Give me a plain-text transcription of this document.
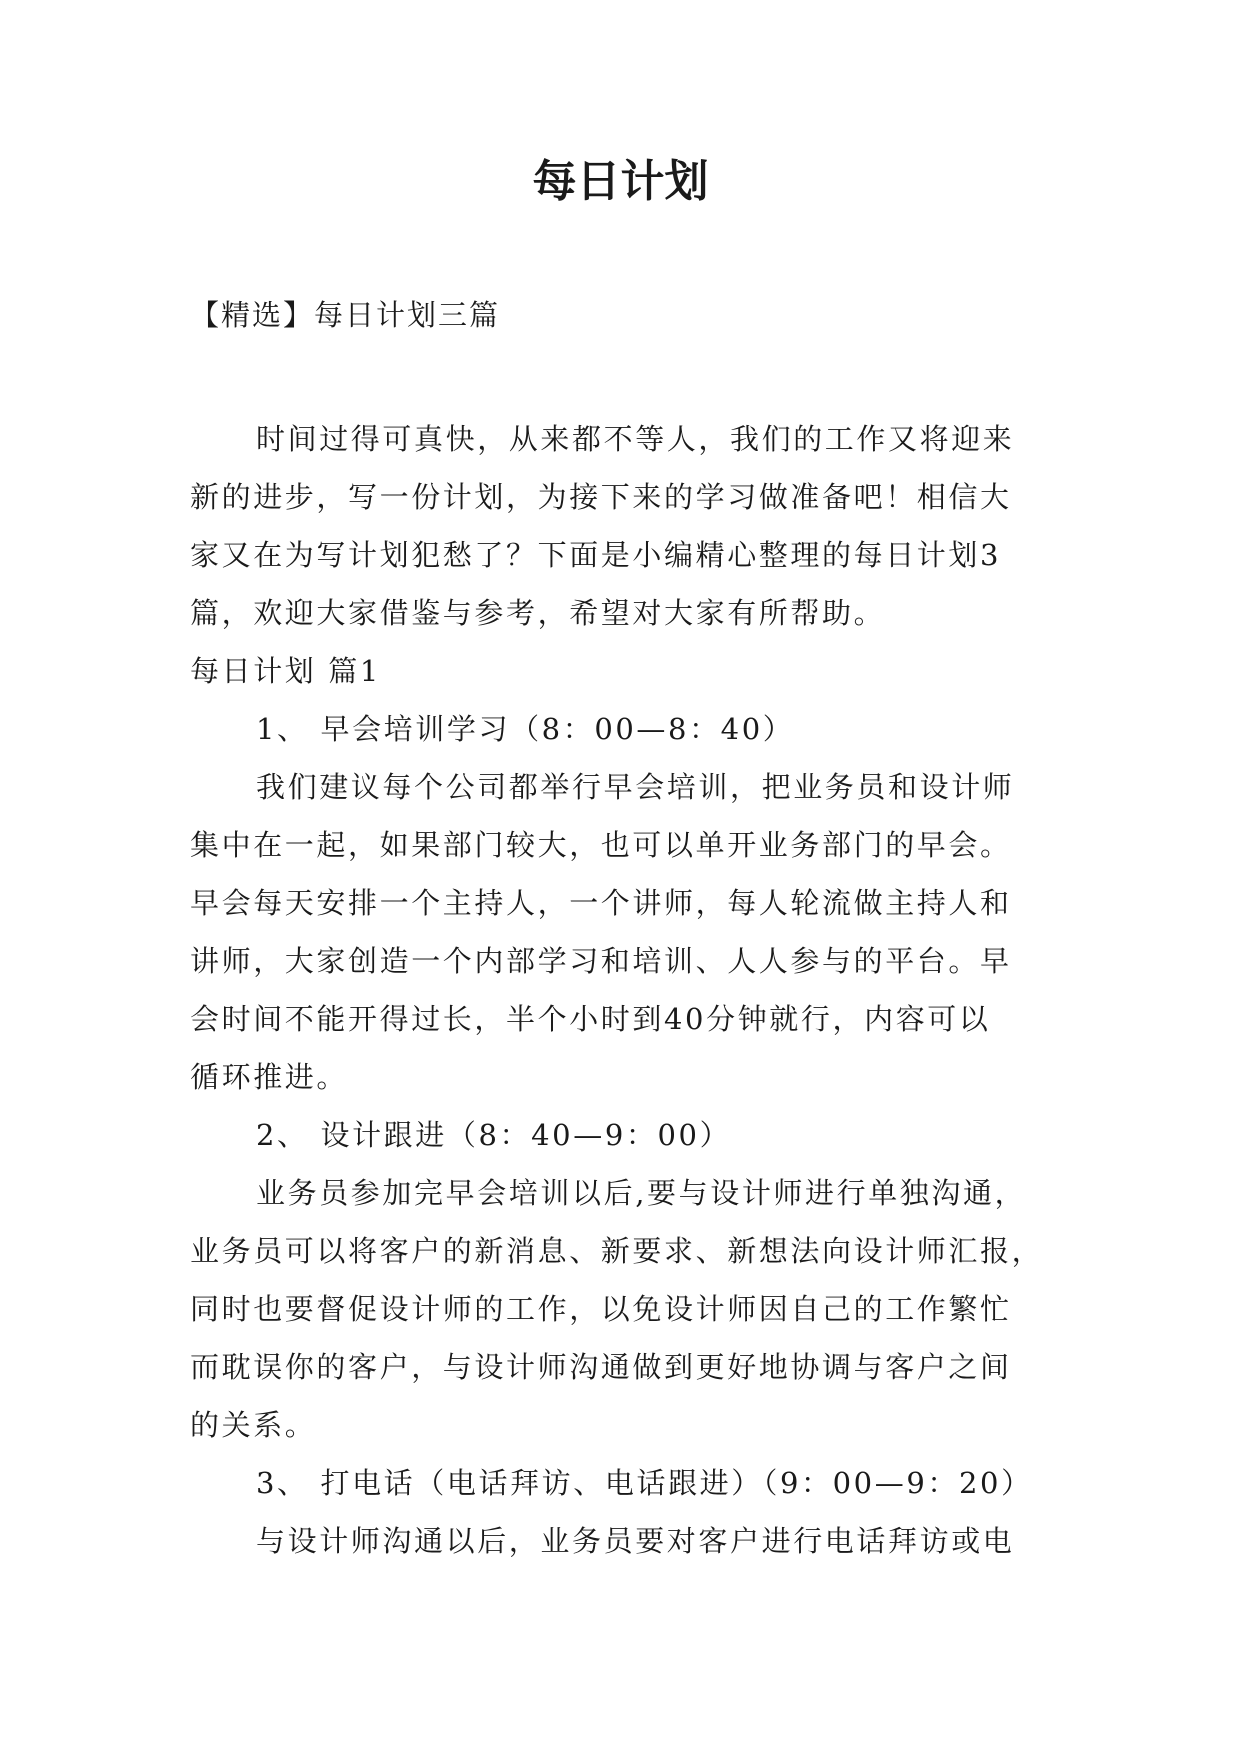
每日计划
【精选】每日计划三篇
时间过得可真快，从来都不等人，我们的工作又将迎来
新的进步，写一份计划，为接下来的学习做准备吧！相信大
家又在为写计划犯愁了？下面是小编精心整理的每日计划3
篇，欢迎大家借鉴与参考，希望对大家有所帮助。
每日计划 篇1
1、 早会培训学习（8：00—8：40）
我们建议每个公司都举行早会培训，把业务员和设计师
集中在一起，如果部门较大，也可以单开业务部门的早会。
早会每天安排一个主持人，一个讲师，每人轮流做主持人和
讲师，大家创造一个内部学习和培训、人人参与的平台。早
会时间不能开得过长，半个小时到40分钟就行，内容可以
循环推进。
2、 设计跟进（8：40—9：00）
业务员参加完早会培训以后,要与设计师进行单独沟通，
业务员可以将客户的新消息、新要求、新想法向设计师汇报，
同时也要督促设计师的工作，以免设计师因自己的工作繁忙
而耽误你的客户，与设计师沟通做到更好地协调与客户之间
的关系。
3、 打电话（电话拜访、电话跟进）（9：00—9：20）
与设计师沟通以后，业务员要对客户进行电话拜访或电
